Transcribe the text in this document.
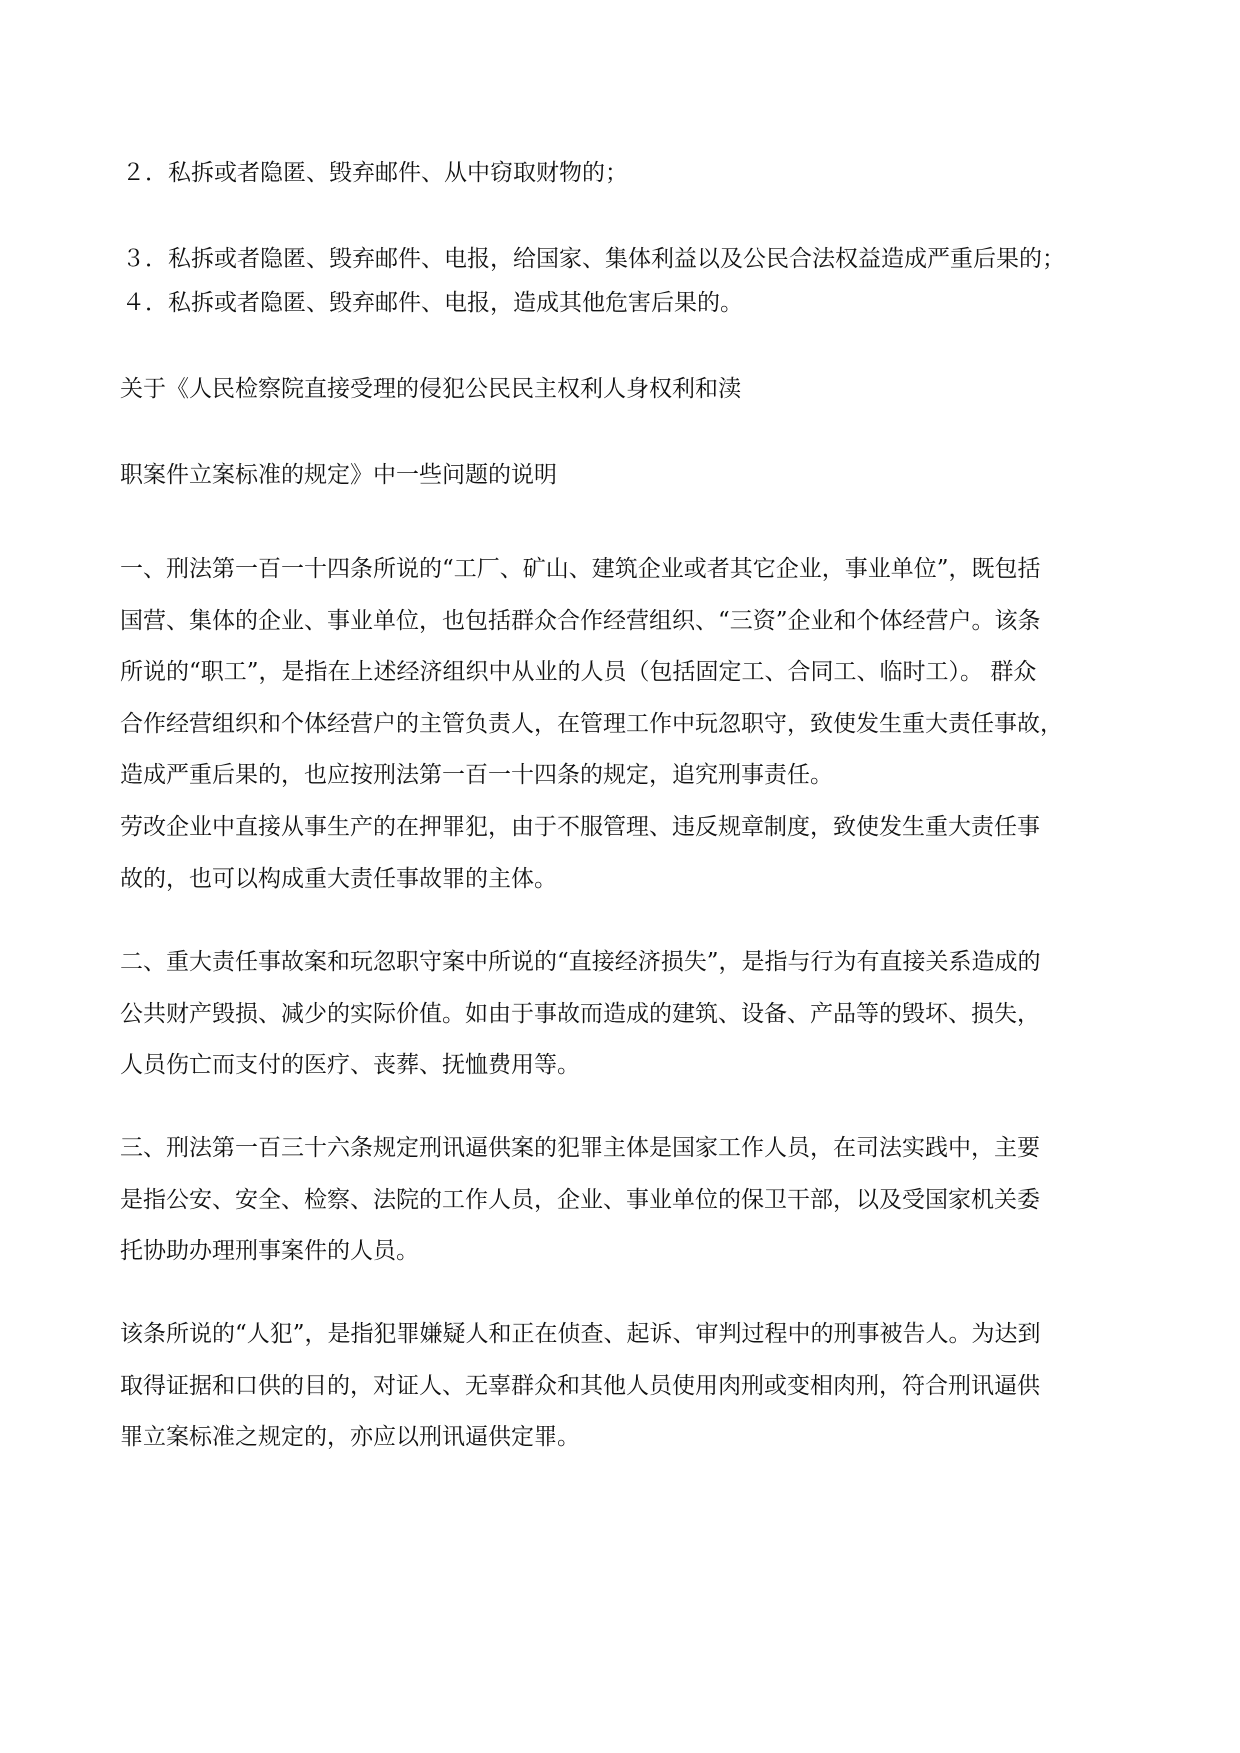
２．私拆或者隐匿、毁弃邮件、从中窃取财物的；

３．私拆或者隐匿、毁弃邮件、电报，给国家、集体利益以及公民合法权益造成严重后果的；

４．私拆或者隐匿、毁弃邮件、电报，造成其他危害后果的。

关于《人民检察院直接受理的侵犯公民民主权利人身权利和渎

职案件立案标准的规定》中一些问题的说明

一、刑法第一百一十四条所说的“工厂、矿山、建筑企业或者其它企业，事业单位”，既包括
国营、集体的企业、事业单位，也包括群众合作经营组织、“三资”企业和个体经营户。该条
所说的“职工”，是指在上述经济组织中从业的人员（包括固定工、合同工、临时工）。 群众
合作经营组织和个体经营户的主管负责人，在管理工作中玩忽职守，致使发生重大责任事故，
造成严重后果的，也应按刑法第一百一十四条的规定，追究刑事责任。
劳改企业中直接从事生产的在押罪犯，由于不服管理、违反规章制度，致使发生重大责任事
故的，也可以构成重大责任事故罪的主体。
二、重大责任事故案和玩忽职守案中所说的“直接经济损失”，是指与行为有直接关系造成的
公共财产毁损、减少的实际价值。如由于事故而造成的建筑、设备、产品等的毁坏、损失，
人员伤亡而支付的医疗、丧葬、抚恤费用等。
三、刑法第一百三十六条规定刑讯逼供案的犯罪主体是国家工作人员，在司法实践中，主要
是指公安、安全、检察、法院的工作人员，企业、事业单位的保卫干部，以及受国家机关委
托协助办理刑事案件的人员。
该条所说的“人犯”，是指犯罪嫌疑人和正在侦查、起诉、审判过程中的刑事被告人。为达到
取得证据和口供的目的，对证人、无辜群众和其他人员使用肉刑或变相肉刑，符合刑讯逼供
罪立案标准之规定的，亦应以刑讯逼供定罪。
